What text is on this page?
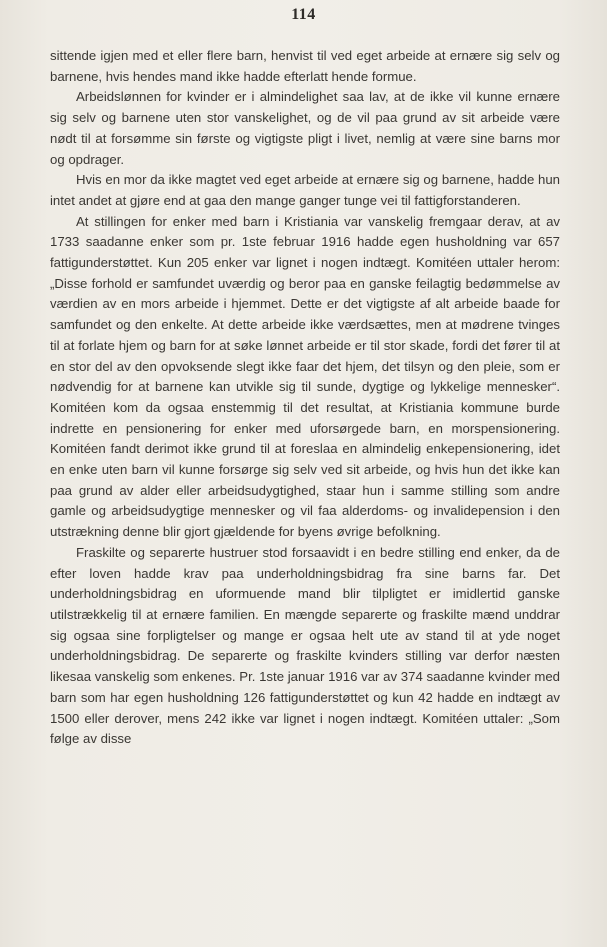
114

sittende igjen med et eller flere barn, henvist til ved eget arbeide at ernære sig selv og barnene, hvis hendes mand ikke hadde efterlatt hende formue.

Arbeidslønnen for kvinder er i almindelighet saa lav, at de ikke vil kunne ernære sig selv og barnene uten stor vanskelighet, og de vil paa grund av sit arbeide være nødt til at forsømme sin første og vigtigste pligt i livet, nemlig at være sine barns mor og opdrager.

Hvis en mor da ikke magtet ved eget arbeide at ernære sig og barnene, hadde hun intet andet at gjøre end at gaa den mange ganger tunge vei til fattigforstanderen.

At stillingen for enker med barn i Kristiania var vanskelig fremgaar derav, at av 1733 saadanne enker som pr. 1ste februar 1916 hadde egen husholdning var 657 fattigunderstøttet. Kun 205 enker var lignet i nogen indtægt. Komitéen uttaler herom: „Disse forhold er samfundet uværdig og beror paa en ganske feilagtig bedømmelse av værdien av en mors arbeide i hjemmet. Dette er det vigtigste af alt arbeide baade for samfundet og den enkelte. At dette arbeide ikke værdsættes, men at mødrene tvinges til at forlate hjem og barn for at søke lønnet arbeide er til stor skade, fordi det fører til at en stor del av den opvoksende slegt ikke faar det hjem, det tilsyn og den pleie, som er nødvendig for at barnene kan utvikle sig til sunde, dygtige og lykkelige mennesker“. Komitéen kom da ogsaa enstemmig til det resultat, at Kristiania kommune burde indrette en pensionering for enker med uforsørgede barn, en morspensionering. Komitéen fandt derimot ikke grund til at foreslaa en almindelig enkepensionering, idet en enke uten barn vil kunne forsørge sig selv ved sit arbeide, og hvis hun det ikke kan paa grund av alder eller arbeidsudygtighed, staar hun i samme stilling som andre gamle og arbeidsudygtige mennesker og vil faa alderdoms- og invalidepension i den utstrækning denne blir gjort gjældende for byens øvrige befolkning.

Fraskilte og separerte hustruer stod forsaavidt i en bedre stilling end enker, da de efter loven hadde krav paa underholdningsbidrag fra sine barns far. Det underholdningsbidrag en uformuende mand blir tilpligtet er imidlertid ganske utilstrækkelig til at ernære familien. En mængde separerte og fraskilte mænd unddrar sig ogsaa sine forpligtelser og mange er ogsaa helt ute av stand til at yde noget underholdningsbidrag. De separerte og fraskilte kvinders stilling var derfor næsten likesaa vanskelig som enkenes. Pr. 1ste januar 1916 var av 374 saadanne kvinder med barn som har egen husholdning 126 fattigunderstøttet og kun 42 hadde en indtægt av 1500 eller derover, mens 242 ikke var lignet i nogen indtægt. Komitéen uttaler: „Som følge av disse
